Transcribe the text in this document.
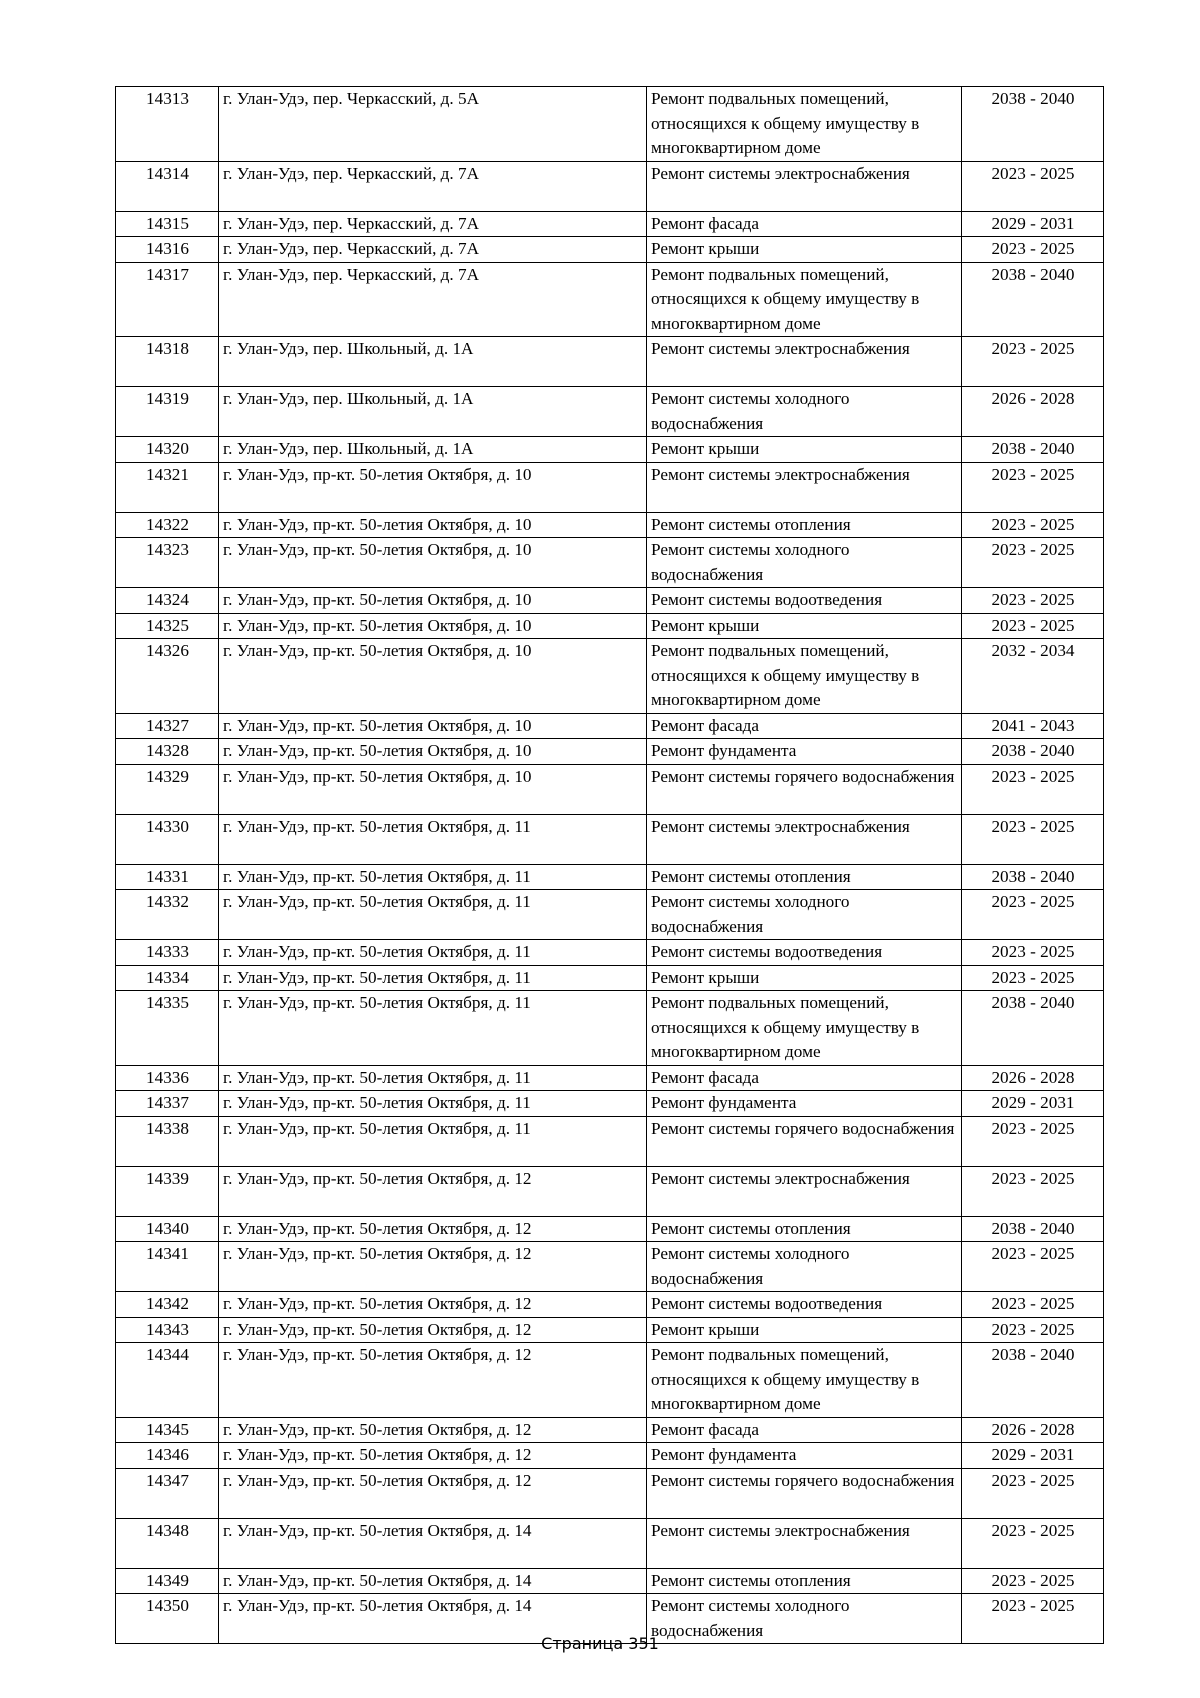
14313	г. Улан-Удэ, пер. Черкасский, д. 5А	Ремонт подвальных помещений, относящихся к общему имуществу в многоквартирном доме	2038 - 2040
14314	г. Улан-Удэ, пер. Черкасский, д. 7А	Ремонт системы электроснабжения	2023 - 2025
14315	г. Улан-Удэ, пер. Черкасский, д. 7А	Ремонт фасада	2029 - 2031
14316	г. Улан-Удэ, пер. Черкасский, д. 7А	Ремонт крыши	2023 - 2025
14317	г. Улан-Удэ, пер. Черкасский, д. 7А	Ремонт подвальных помещений, относящихся к общему имуществу в многоквартирном доме	2038 - 2040
14318	г. Улан-Удэ, пер. Школьный, д. 1А	Ремонт системы электроснабжения	2023 - 2025
14319	г. Улан-Удэ, пер. Школьный, д. 1А	Ремонт системы холодного водоснабжения	2026 - 2028
14320	г. Улан-Удэ, пер. Школьный, д. 1А	Ремонт крыши	2038 - 2040
14321	г. Улан-Удэ, пр-кт. 50-летия Октября, д. 10	Ремонт системы электроснабжения	2023 - 2025
14322	г. Улан-Удэ, пр-кт. 50-летия Октября, д. 10	Ремонт системы отопления	2023 - 2025
14323	г. Улан-Удэ, пр-кт. 50-летия Октября, д. 10	Ремонт системы холодного водоснабжения	2023 - 2025
14324	г. Улан-Удэ, пр-кт. 50-летия Октября, д. 10	Ремонт системы водоотведения	2023 - 2025
14325	г. Улан-Удэ, пр-кт. 50-летия Октября, д. 10	Ремонт крыши	2023 - 2025
14326	г. Улан-Удэ, пр-кт. 50-летия Октября, д. 10	Ремонт подвальных помещений, относящихся к общему имуществу в многоквартирном доме	2032 - 2034
14327	г. Улан-Удэ, пр-кт. 50-летия Октября, д. 10	Ремонт фасада	2041 - 2043
14328	г. Улан-Удэ, пр-кт. 50-летия Октября, д. 10	Ремонт фундамента	2038 - 2040
14329	г. Улан-Удэ, пр-кт. 50-летия Октября, д. 10	Ремонт системы горячего водоснабжения	2023 - 2025
14330	г. Улан-Удэ, пр-кт. 50-летия Октября, д. 11	Ремонт системы электроснабжения	2023 - 2025
14331	г. Улан-Удэ, пр-кт. 50-летия Октября, д. 11	Ремонт системы отопления	2038 - 2040
14332	г. Улан-Удэ, пр-кт. 50-летия Октября, д. 11	Ремонт системы холодного водоснабжения	2023 - 2025
14333	г. Улан-Удэ, пр-кт. 50-летия Октября, д. 11	Ремонт системы водоотведения	2023 - 2025
14334	г. Улан-Удэ, пр-кт. 50-летия Октября, д. 11	Ремонт крыши	2023 - 2025
14335	г. Улан-Удэ, пр-кт. 50-летия Октября, д. 11	Ремонт подвальных помещений, относящихся к общему имуществу в многоквартирном доме	2038 - 2040
14336	г. Улан-Удэ, пр-кт. 50-летия Октября, д. 11	Ремонт фасада	2026 - 2028
14337	г. Улан-Удэ, пр-кт. 50-летия Октября, д. 11	Ремонт фундамента	2029 - 2031
14338	г. Улан-Удэ, пр-кт. 50-летия Октября, д. 11	Ремонт системы горячего водоснабжения	2023 - 2025
14339	г. Улан-Удэ, пр-кт. 50-летия Октября, д. 12	Ремонт системы электроснабжения	2023 - 2025
14340	г. Улан-Удэ, пр-кт. 50-летия Октября, д. 12	Ремонт системы отопления	2038 - 2040
14341	г. Улан-Удэ, пр-кт. 50-летия Октября, д. 12	Ремонт системы холодного водоснабжения	2023 - 2025
14342	г. Улан-Удэ, пр-кт. 50-летия Октября, д. 12	Ремонт системы водоотведения	2023 - 2025
14343	г. Улан-Удэ, пр-кт. 50-летия Октября, д. 12	Ремонт крыши	2023 - 2025
14344	г. Улан-Удэ, пр-кт. 50-летия Октября, д. 12	Ремонт подвальных помещений, относящихся к общему имуществу в многоквартирном доме	2038 - 2040
14345	г. Улан-Удэ, пр-кт. 50-летия Октября, д. 12	Ремонт фасада	2026 - 2028
14346	г. Улан-Удэ, пр-кт. 50-летия Октября, д. 12	Ремонт фундамента	2029 - 2031
14347	г. Улан-Удэ, пр-кт. 50-летия Октября, д. 12	Ремонт системы горячего водоснабжения	2023 - 2025
14348	г. Улан-Удэ, пр-кт. 50-летия Октября, д. 14	Ремонт системы электроснабжения	2023 - 2025
14349	г. Улан-Удэ, пр-кт. 50-летия Октября, д. 14	Ремонт системы отопления	2023 - 2025
14350	г. Улан-Удэ, пр-кт. 50-летия Октября, д. 14	Ремонт системы холодного водоснабжения	2023 - 2025
Страница 351
